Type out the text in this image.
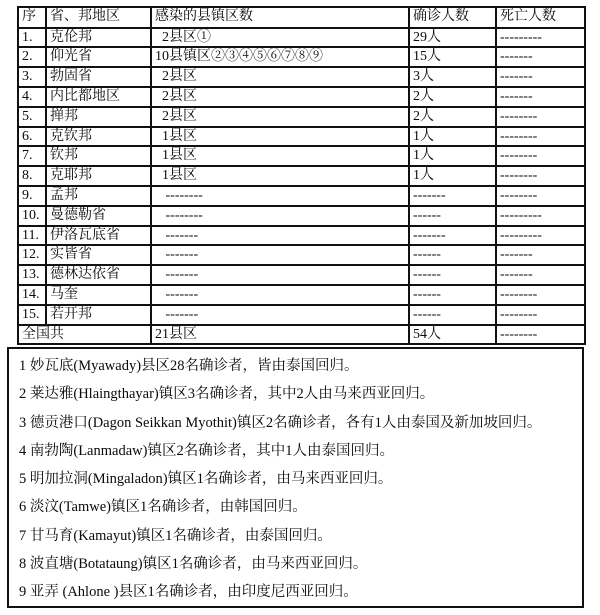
序	省、邦地区	感染的县镇区数	确诊人数	死亡人数
1.	克伦邦	2县区①	29人	---------
2.	仰光省	10县镇区②③④⑤⑥⑦⑧⑨	15人	-------
3.	勃固省	2县区	3人	-------
4.	内比都地区	2县区	2人	-------
5.	掸邦	2县区	2人	--------
6.	克钦邦	1县区	1人	--------
7.	钦邦	1县区	1人	--------
8.	克耶邦	1县区	1人	--------
9.	孟邦	--------	-------	--------
10.	曼德勒省	--------	------	---------
11.	伊洛瓦底省	-------	-------	---------
12.	实皆省	-------	------	-------
13.	德林达依省	-------	------	-------
14.	马奎	-------	------	--------
15.	若开邦	-------	------	--------
全国共		21县区	54人	--------
1 妙瓦底(Myawady)县区28名确诊者，皆由泰国回归。
2 莱达雅(Hlaingthayar)镇区3名确诊者，其中2人由马来西亚回归。
3 德贡港口(Dagon Seikkan Myothit)镇区2名确诊者，各有1人由泰国及新加坡回归。
4 南勃陶(Lanmadaw)镇区2名确诊者，其中1人由泰国回归。
5 明加拉洞(Mingaladon)镇区1名确诊者，由马来西亚回归。
6 淡汶(Tamwe)镇区1名确诊者，由韩国回归。
7 甘马育(Kamayut)镇区1名确诊者，由泰国回归。
8 波直塘(Botataung)镇区1名确诊者，由马来西亚回归。
9 亚弄 (Ahlone )县区1名确诊者，由印度尼西亚回归。
